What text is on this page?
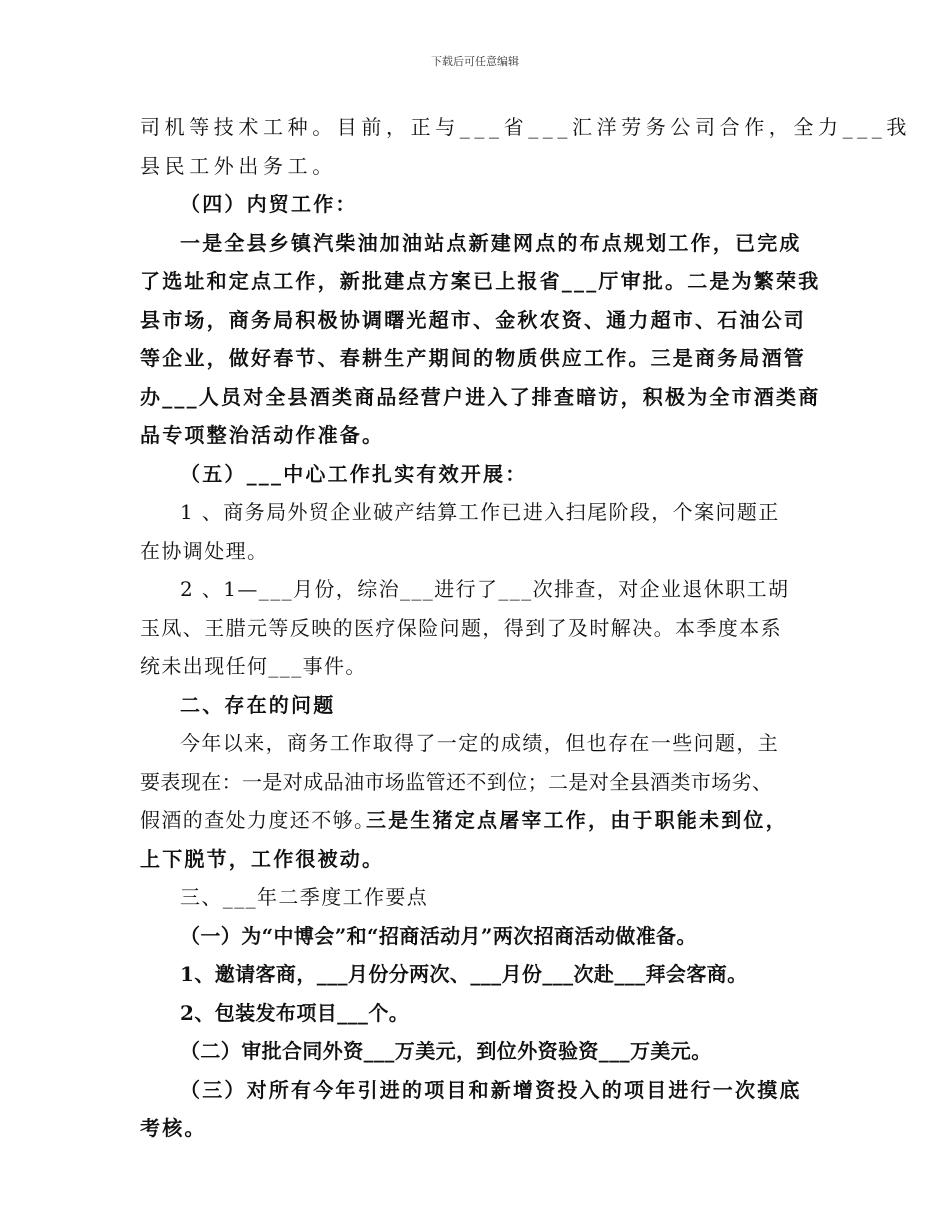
下载后可任意编辑
司机等技术工种。目前，正与___省___汇洋劳务公司合作，全力___我
县民工外出务工。
（四）内贸工作：
一是全县乡镇汽柴油加油站点新建网点的布点规划工作，已完成
了选址和定点工作，新批建点方案已上报省___厅审批。二是为繁荣我
县市场，商务局积极协调曙光超市、金秋农资、通力超市、石油公司
等企业，做好春节、春耕生产期间的物质供应工作。三是商务局酒管
办___人员对全县酒类商品经营户进入了排查暗访，积极为全市酒类商
品专项整治活动作准备。
（五）___中心工作扎实有效开展：
1 、商务局外贸企业破产结算工作已进入扫尾阶段，个案问题正
在协调处理。
2 、1—___月份，综治___进行了___次排查，对企业退休职工胡
玉凤、王腊元等反映的医疗保险问题，得到了及时解决。本季度本系
统未出现任何___事件。
二、存在的问题
今年以来，商务工作取得了一定的成绩，但也存在一些问题，主
要表现在：一是对成品油市场监管还不到位；二是对全县酒类市场劣、
假酒的查处力度还不够。
三是生猪定点屠宰工作，由于职能未到位，
上下脱节，工作很被动。
三、___年二季度工作要点
（一）为“中博会”和“招商活动月”两次招商活动做准备。
1、邀请客商，___月份分两次、___月份___次赴___拜会客商。
2、包装发布项目___个。
（二）审批合同外资___万美元，到位外资验资___万美元。
（三）对所有今年引进的项目和新增资投入的项目进行一次摸底
考核。
